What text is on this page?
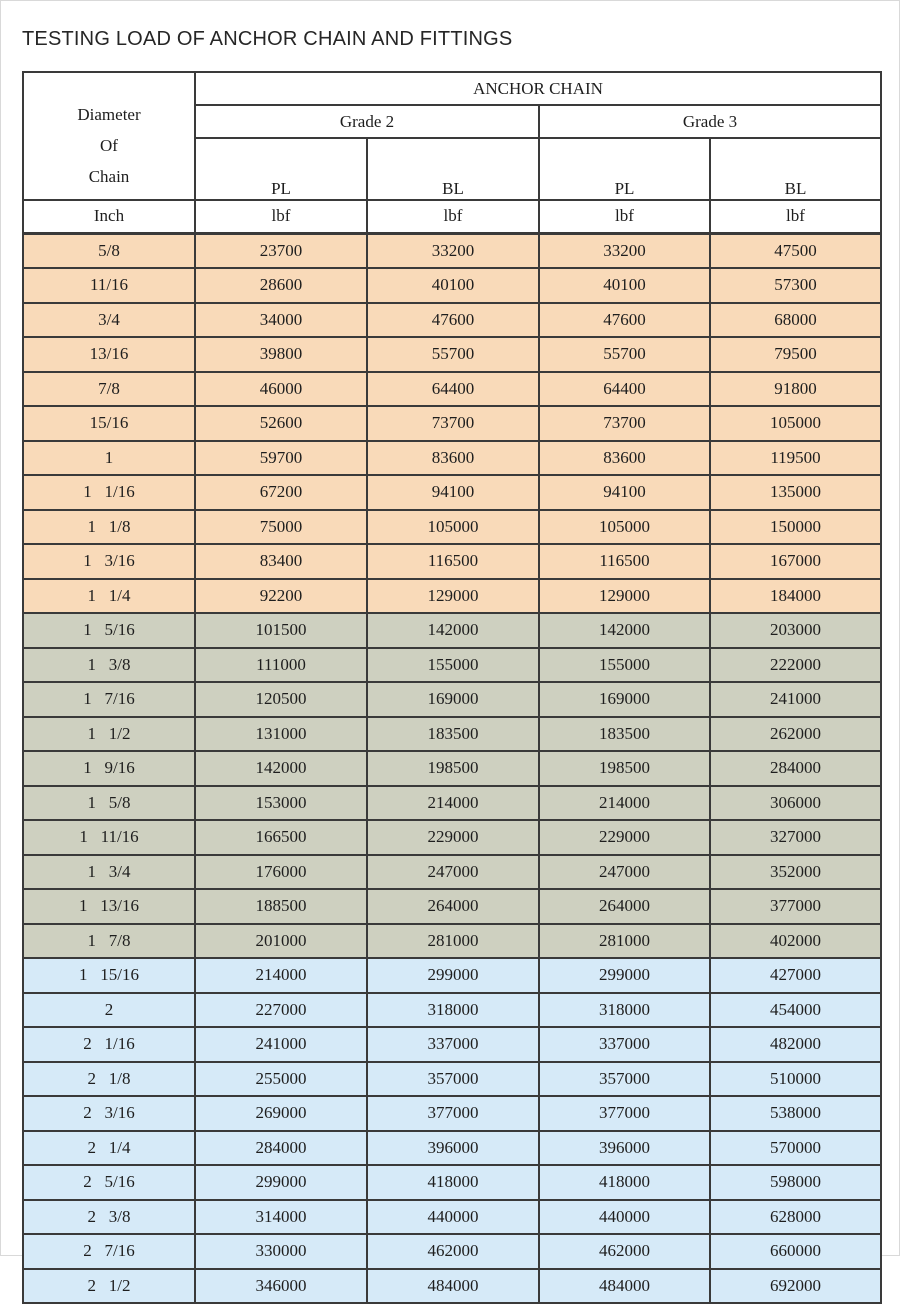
TESTING LOAD OF ANCHOR CHAIN AND FITTINGS
Diameter
Of
Chain	ANCHOR CHAIN			
	Grade 2		Grade 3	
	PL	BL	PL	BL
Inch	lbf	lbf	lbf	lbf
5/8	23700	33200	33200	47500
11/16	28600	40100	40100	57300
3/4	34000	47600	47600	68000
13/16	39800	55700	55700	79500
7/8	46000	64400	64400	91800
15/16	52600	73700	73700	105000
1	59700	83600	83600	119500
1   1/16	67200	94100	94100	135000
1   1/8	75000	105000	105000	150000
1   3/16	83400	116500	116500	167000
1   1/4	92200	129000	129000	184000
1   5/16	101500	142000	142000	203000
1   3/8	111000	155000	155000	222000
1   7/16	120500	169000	169000	241000
1   1/2	131000	183500	183500	262000
1   9/16	142000	198500	198500	284000
1   5/8	153000	214000	214000	306000
1   11/16	166500	229000	229000	327000
1   3/4	176000	247000	247000	352000
1   13/16	188500	264000	264000	377000
1   7/8	201000	281000	281000	402000
1   15/16	214000	299000	299000	427000
2	227000	318000	318000	454000
2   1/16	241000	337000	337000	482000
2   1/8	255000	357000	357000	510000
2   3/16	269000	377000	377000	538000
2   1/4	284000	396000	396000	570000
2   5/16	299000	418000	418000	598000
2   3/8	314000	440000	440000	628000
2   7/16	330000	462000	462000	660000
2   1/2	346000	484000	484000	692000
